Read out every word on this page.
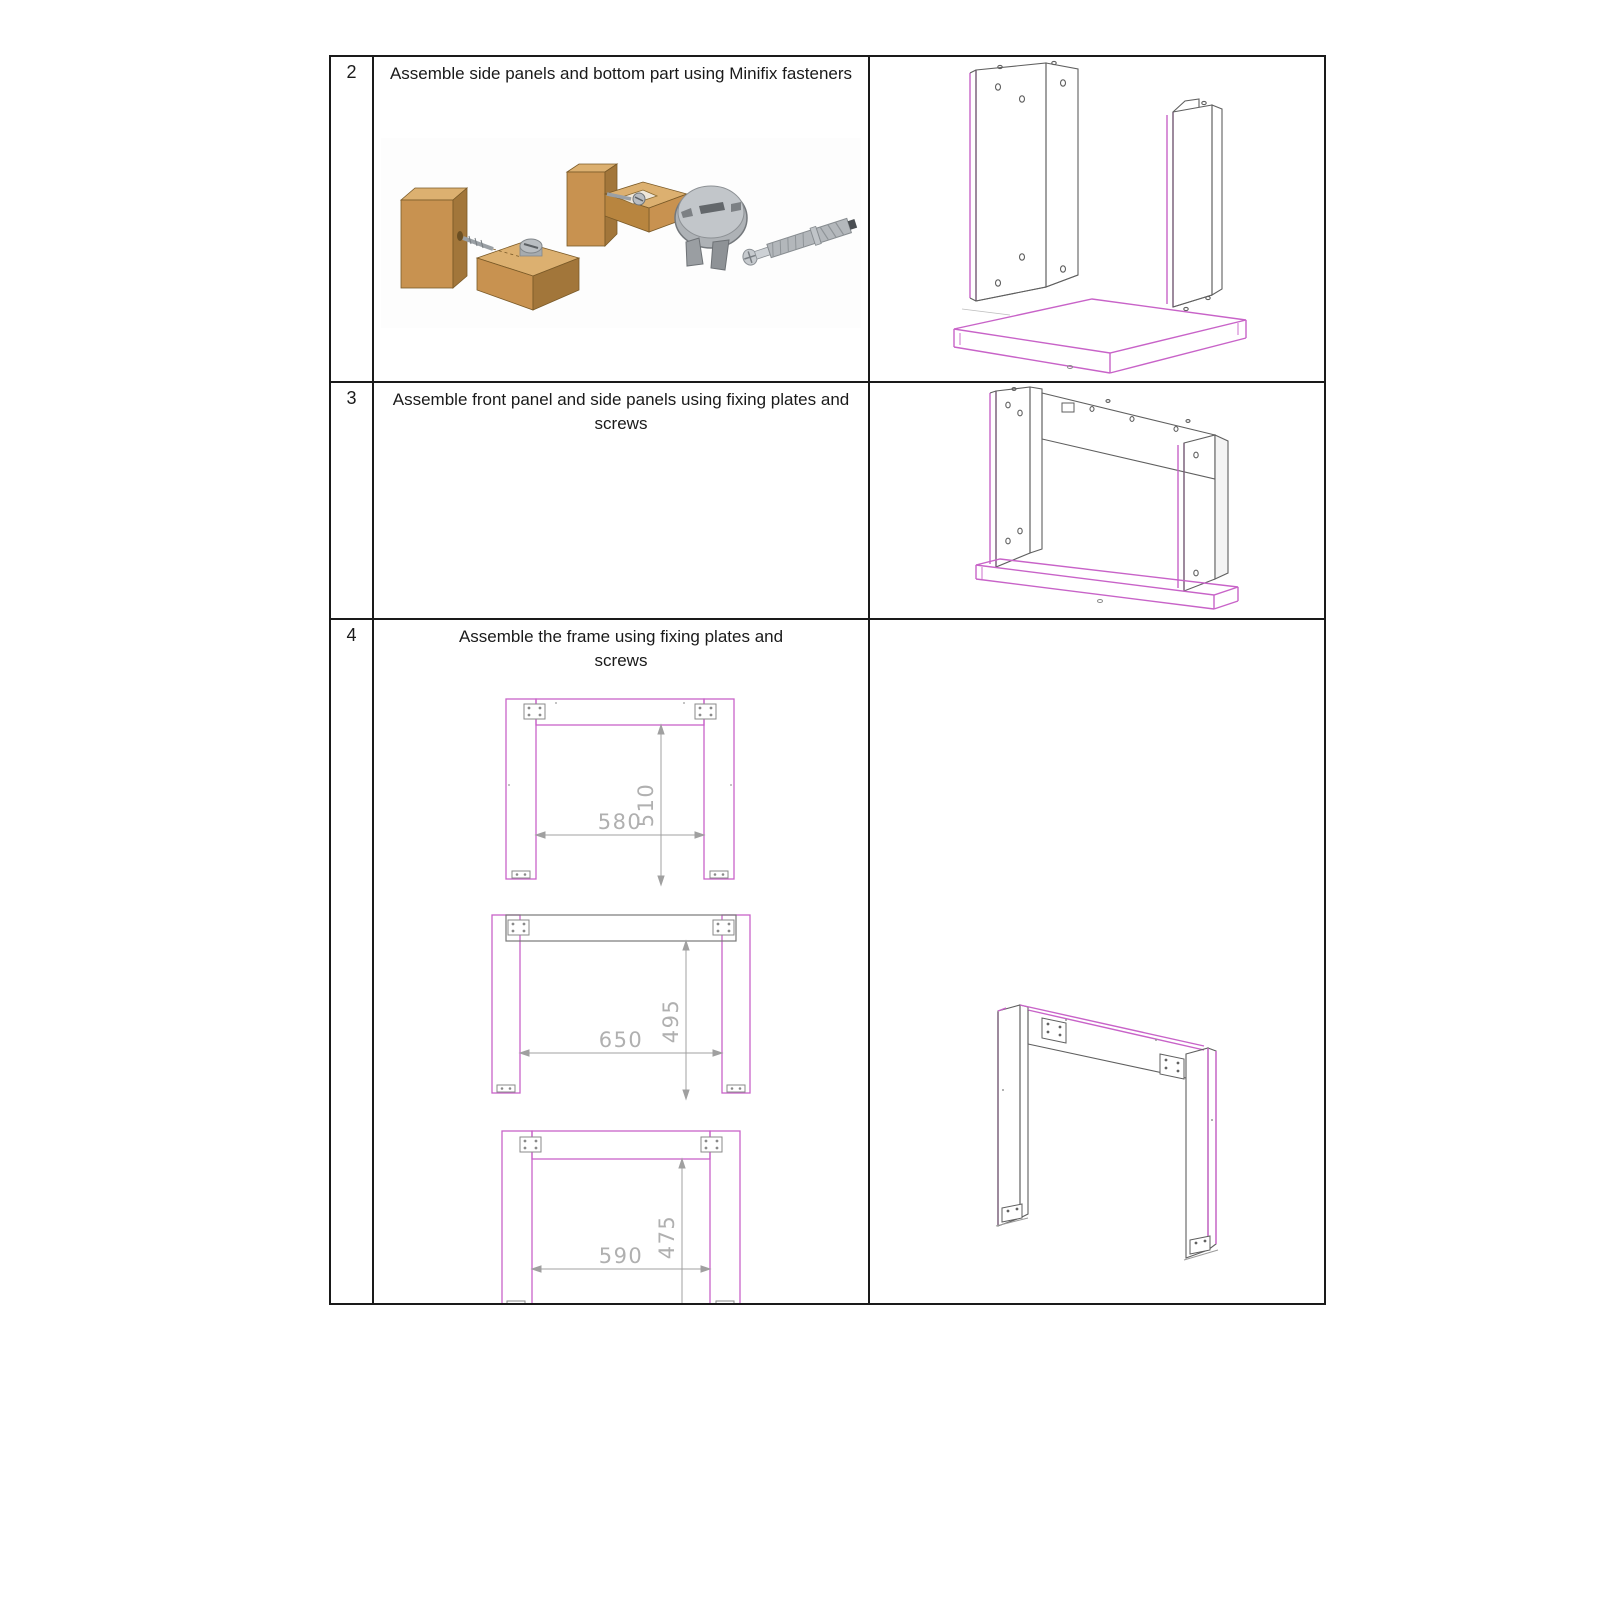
2	Assemble side panels and bottom part using Minifix fasteners
3	Assemble front panel and side panels using fixing plates and screws
4	Assemble the frame using fixing plates and screws
580
510
650 495
590 475
